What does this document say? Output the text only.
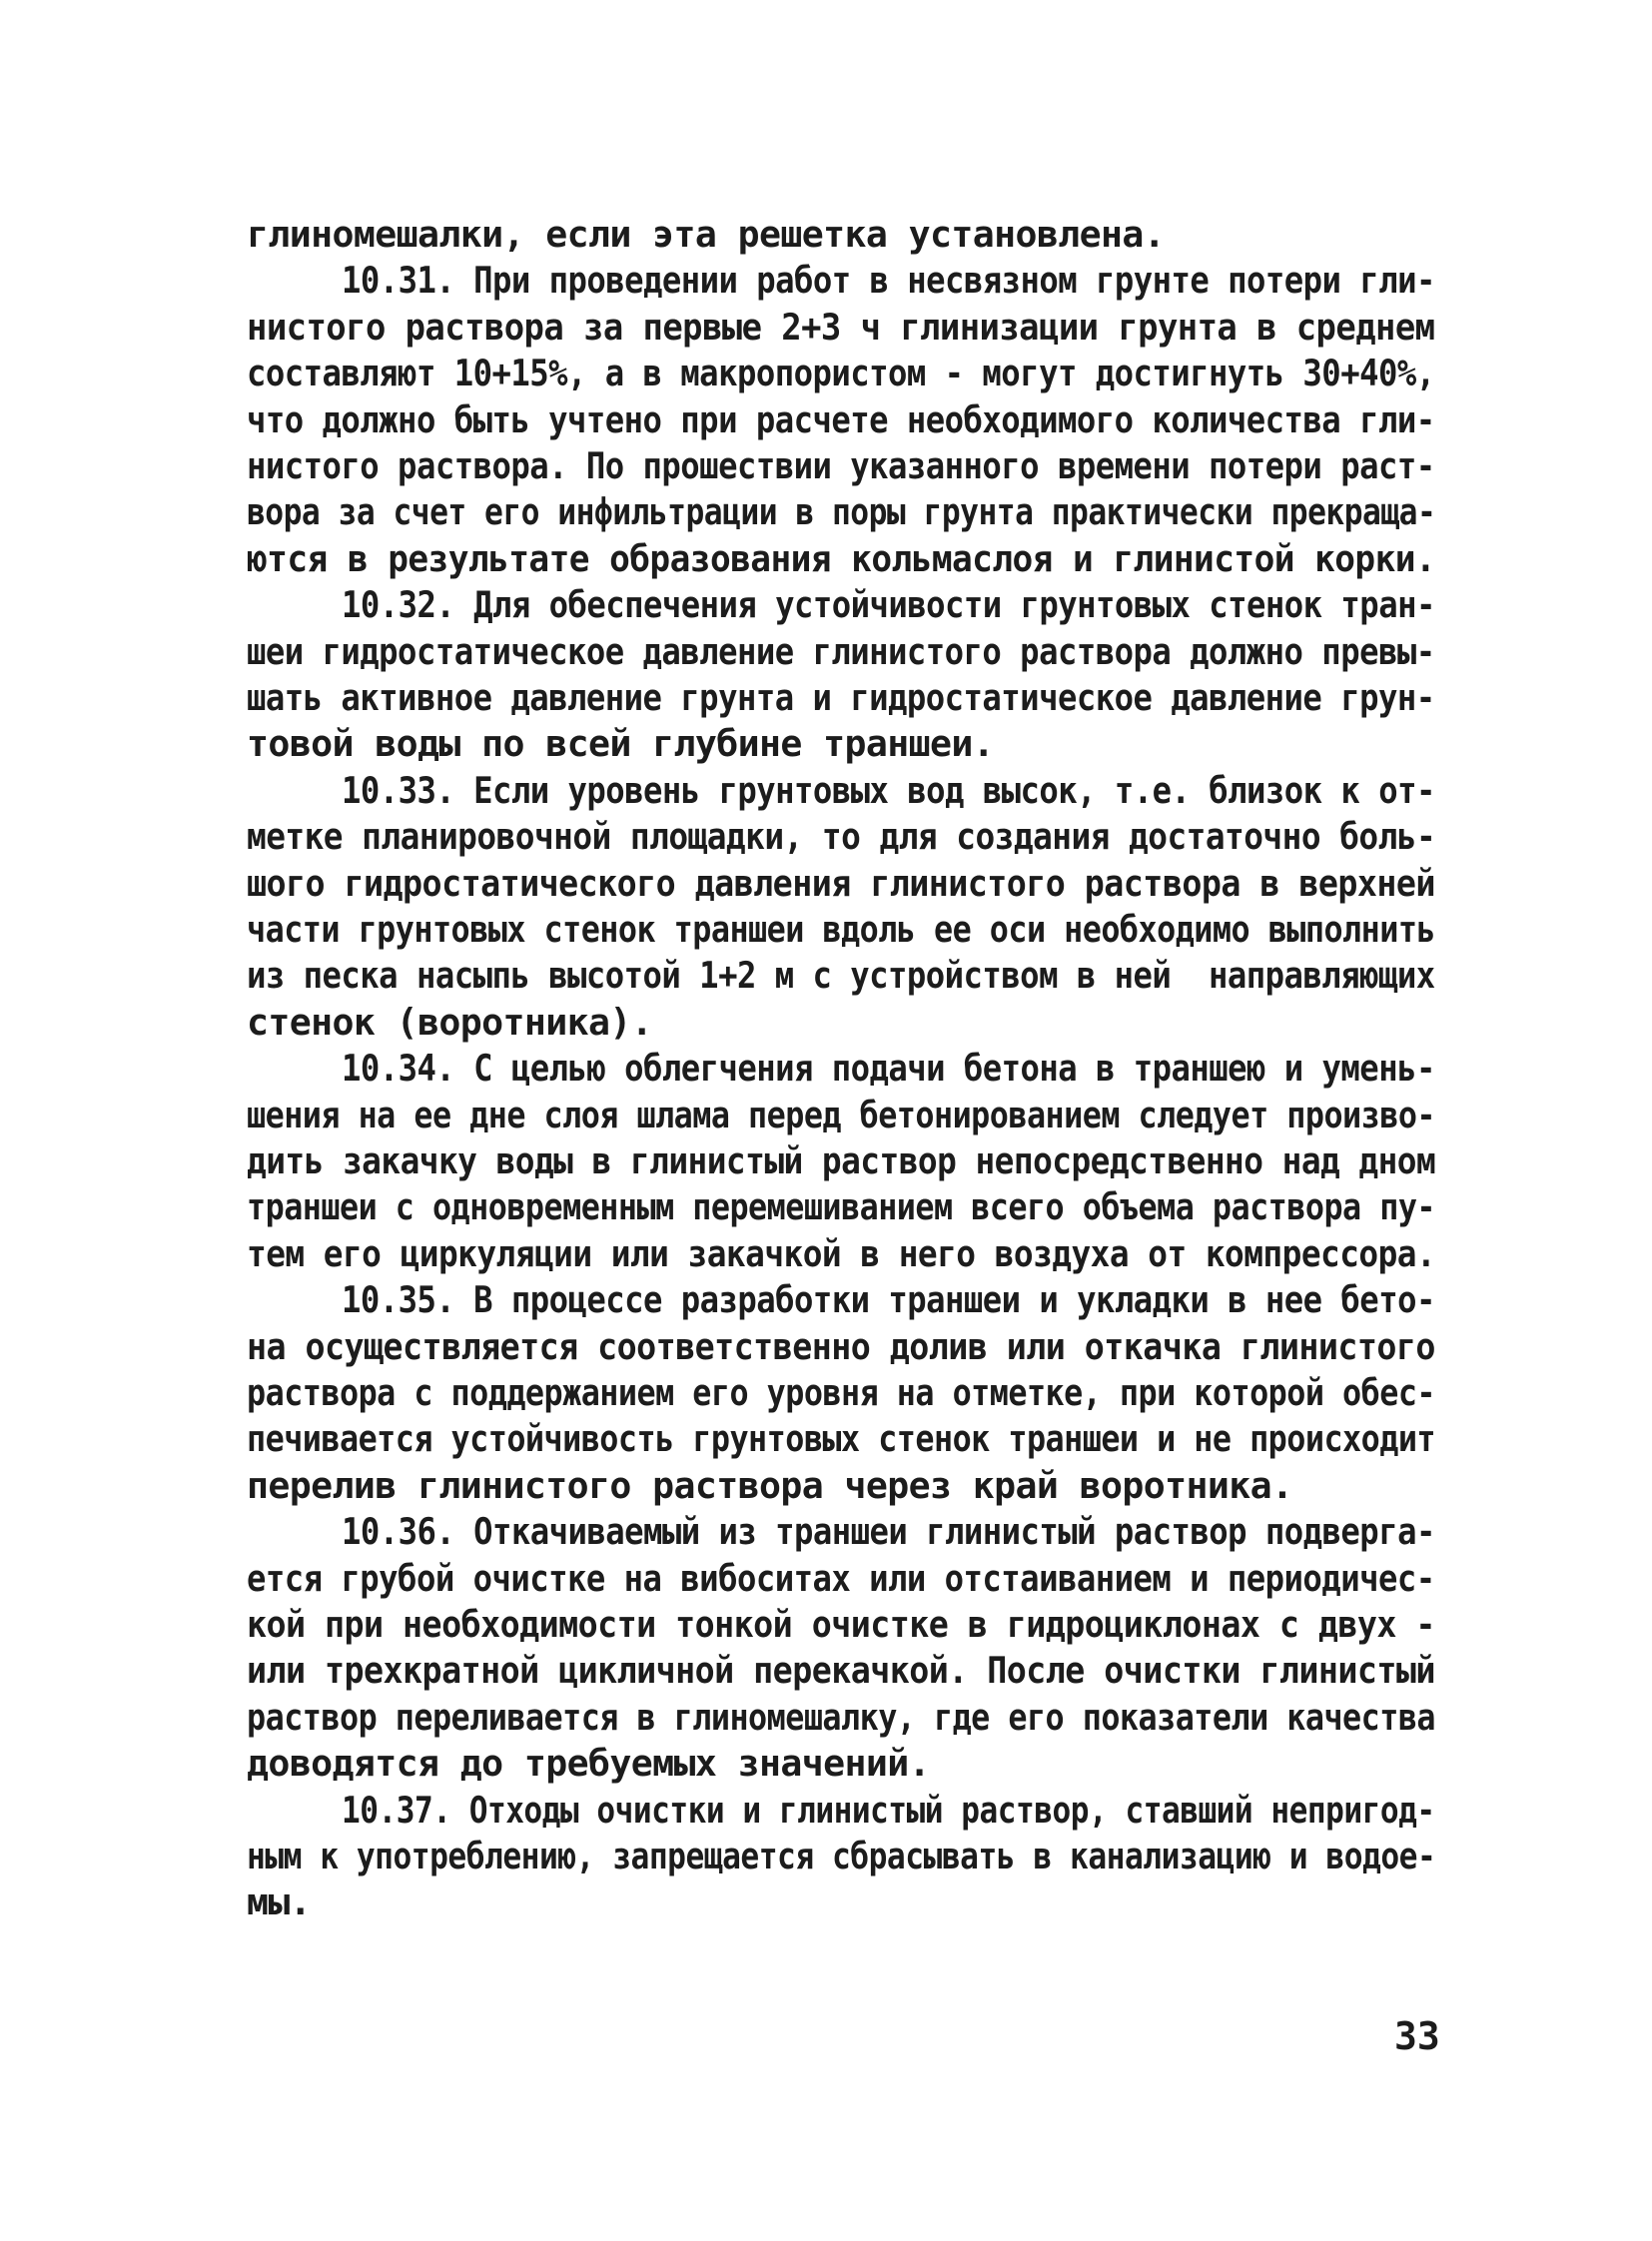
глиномешалки, если эта решетка установлена.
10.31. При проведении работ в несвязном грунте потери гли-
нистого раствора за первые 2+3 ч глинизации грунта в среднем
составляют 10+15%, а в макропористом - могут достигнуть 30+40%,
что должно быть учтено при расчете необходимого количества гли-
нистого раствора. По прошествии указанного времени потери раст-
вора за счет его инфильтрации в поры грунта практически прекраща-
ются в результате образования кольмаслоя и глинистой корки.
10.32. Для обеспечения устойчивости грунтовых стенок тран-
шеи гидростатическое давление глинистого раствора должно превы-
шать активное давление грунта и гидростатическое давление грун-
товой воды по всей глубине траншеи.
10.33. Если уровень грунтовых вод высок, т.е. близок к от-
метке планировочной площадки, то для создания достаточно боль-
шого гидростатического давления глинистого раствора в верхней
части грунтовых стенок траншеи вдоль ее оси необходимо выполнить
из песка насыпь высотой 1+2 м с устройством в ней  направляющих
стенок (воротника).
10.34. С целью облегчения подачи бетона в траншею и умень-
шения на ее дне слоя шлама перед бетонированием следует произво-
дить закачку воды в глинистый раствор непосредственно над дном
траншеи с одновременным перемешиванием всего объема раствора пу-
тем его циркуляции или закачкой в него воздуха от компрессора.
10.35. В процессе разработки траншеи и укладки в нее бето-
на осуществляется соответственно долив или откачка глинистого
раствора с поддержанием его уровня на отметке, при которой обес-
печивается устойчивость грунтовых стенок траншеи и не происходит
перелив глинистого раствора через край воротника.
10.36. Откачиваемый из траншеи глинистый раствор подверга-
ется грубой очистке на вибоситах или отстаиванием и периодичес-
кой при необходимости тонкой очистке в гидроциклонах с двух -
или трехкратной цикличной перекачкой. После очистки глинистый
раствор переливается в глиномешалку, где его показатели качества
доводятся до требуемых значений.
10.37. Отходы очистки и глинистый раствор, ставший непригод-
ным к употреблению, запрещается сбрасывать в канализацию и водое-
мы.
33
